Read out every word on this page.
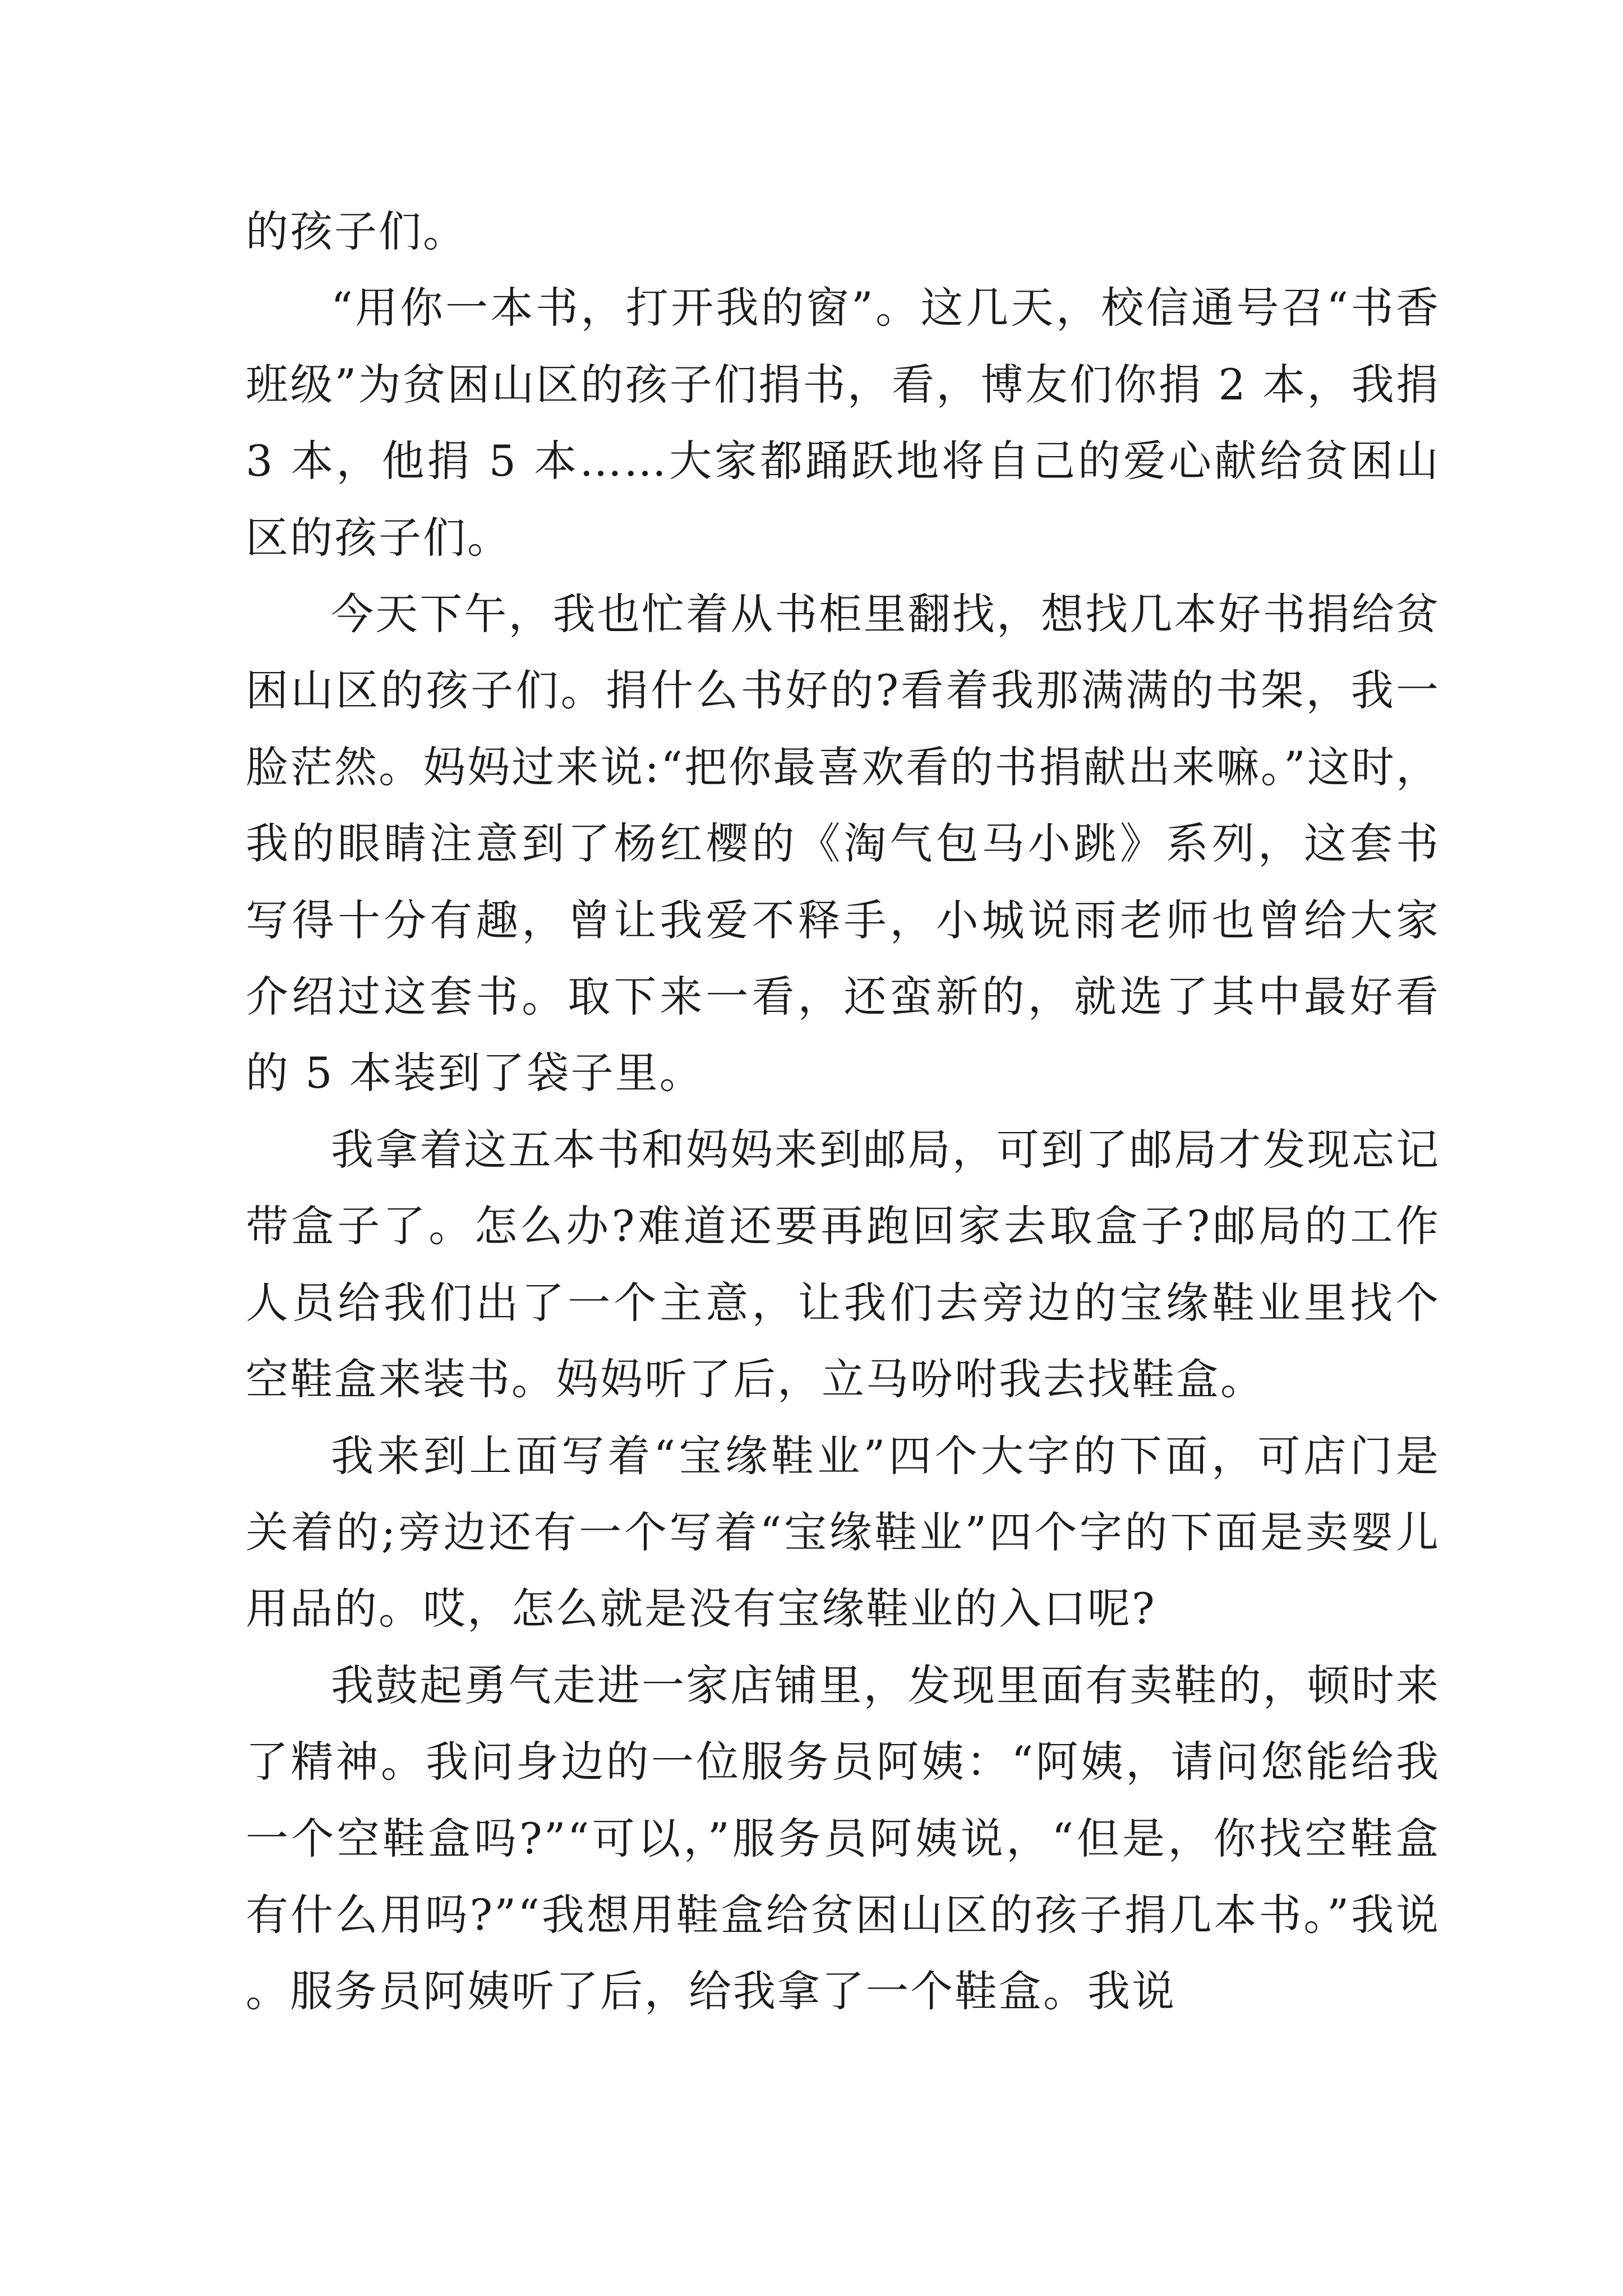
的孩子们。

“用你一本书，打开我的窗”。这几天，校信通号召“书香班级”为贫困山区的孩子们捐书，看，博友们你捐 2 本，我捐 3 本，他捐 5 本……大家都踊跃地将自己的爱心献给贫困山区的孩子们。

今天下午，我也忙着从书柜里翻找，想找几本好书捐给贫困山区的孩子们。捐什么书好的?看着我那满满的书架，我一脸茫然。妈妈过来说:“把你最喜欢看的书捐献出来嘛。”这时，我的眼睛注意到了杨红樱的《淘气包马小跳》系列，这套书写得十分有趣，曾让我爱不释手，小城说雨老师也曾给大家介绍过这套书。取下来一看，还蛮新的，就选了其中最好看的 5 本装到了袋子里。

我拿着这五本书和妈妈来到邮局，可到了邮局才发现忘记带盒子了。怎么办?难道还要再跑回家去取盒子?邮局的工作人员给我们出了一个主意，让我们去旁边的宝缘鞋业里找个空鞋盒来装书。妈妈听了后，立马吩咐我去找鞋盒。

我来到上面写着“宝缘鞋业”四个大字的下面，可店门是关着的;旁边还有一个写着“宝缘鞋业”四个字的下面是卖婴儿用品的。哎，怎么就是没有宝缘鞋业的入口呢?

我鼓起勇气走进一家店铺里，发现里面有卖鞋的，顿时来了精神。我问身边的一位服务员阿姨：“阿姨，请问您能给我一个空鞋盒吗?”“可以，”服务员阿姨说，“但是，你找空鞋盒有什么用吗?”“我想用鞋盒给贫困山区的孩子捐几本书。”我说。服务员阿姨听了后，给我拿了一个鞋盒。我说
